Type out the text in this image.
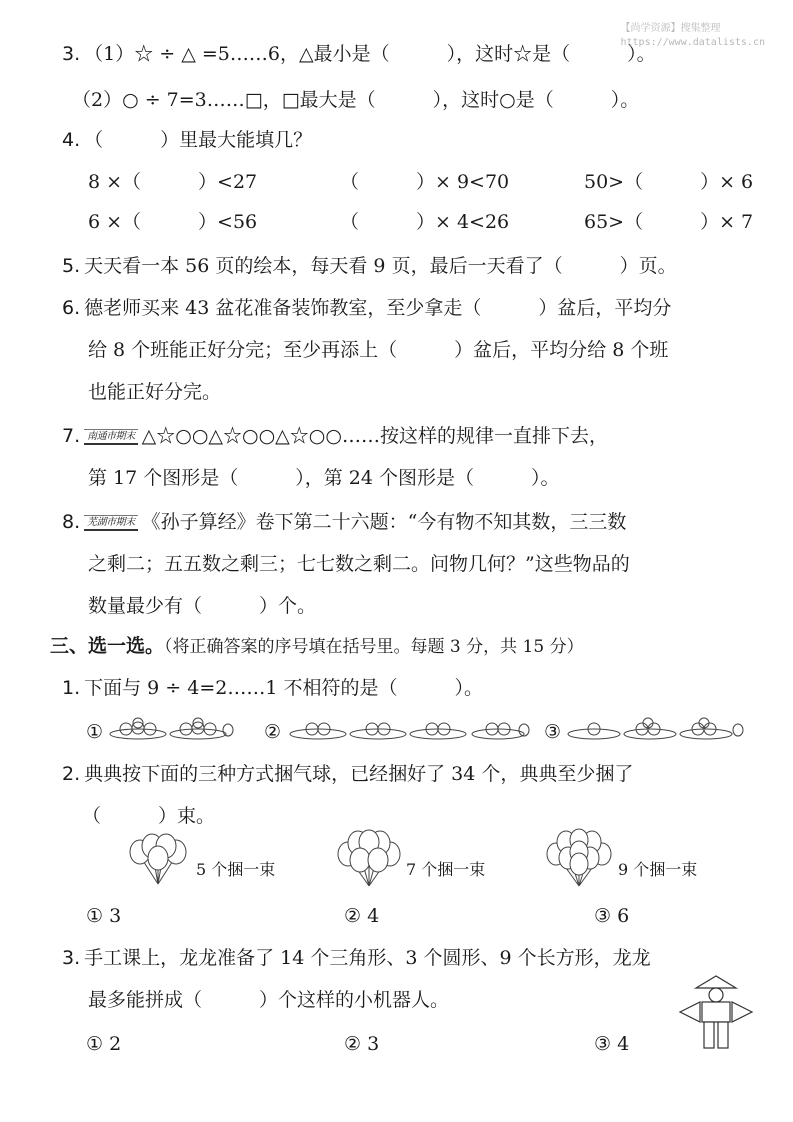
【尚学资源】搜集整理
https://www.datalists.cn
3. （1）☆ ÷ △ =5……6，△最小是（　　　），这时☆是（　　　）。
（2）○ ÷ 7=3……□，□最大是（　　　），这时○是（　　　）。
4. （　　　）里最大能填几？
8 ×（　　　）<27	（　　　）× 9<70	50>（　　　）× 6
6 ×（　　　）<56	（　　　）× 4<26	65>（　　　）× 7
5. 天天看一本 56 页的绘本，每天看 9 页，最后一天看了（　　　）页。
6. 德老师买来 43 盆花准备装饰教室，至少拿走（　　　）盆后，平均分
给 8 个班能正好分完；至少再添上（　　　）盆后，平均分给 8 个班
也能正好分完。
7. 南通市期末 △☆○○△☆○○△☆○○……按这样的规律一直排下去，
第 17 个图形是（　　　），第 24 个图形是（　　　）。
8. 芜湖市期末 《孙子算经》卷下第二十六题：“今有物不知其数，三三数
之剩二；五五数之剩三；七七数之剩二。问物几何？”这些物品的
数量最少有（　　　）个。
三、选一选。（将正确答案的序号填在括号里。每题 3 分，共 15 分）
1. 下面与 9 ÷ 4=2……1 不相符的是（　　　）。
①	②	③
2. 典典按下面的三种方式捆气球，已经捆好了 34 个，典典至少捆了
（　　　）束。
5 个捆一束	7 个捆一束	9 个捆一束
① 3	② 4	③ 6
3. 手工课上，龙龙准备了 14 个三角形、3 个圆形、9 个长方形，龙龙
最多能拼成（　　　）个这样的小机器人。
① 2	② 3	③ 4
